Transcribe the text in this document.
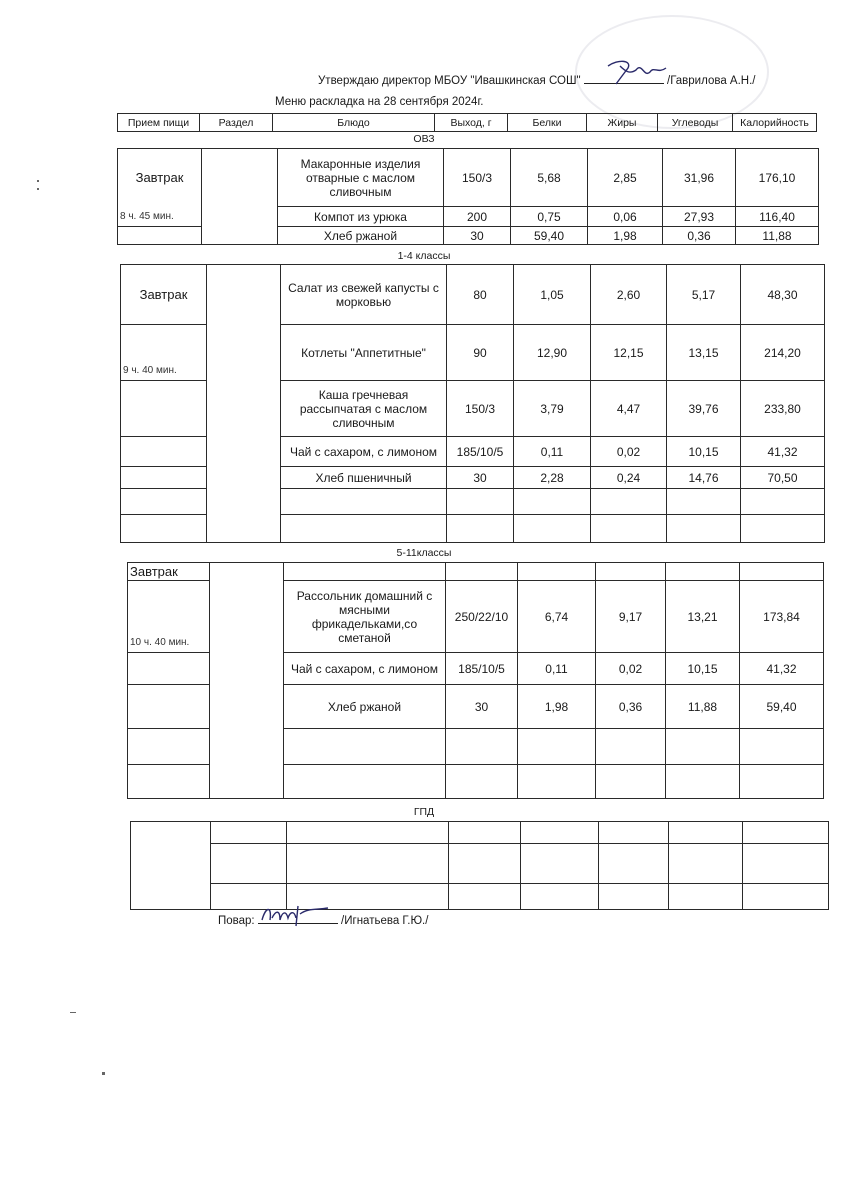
Утверждаю директор МБОУ "Ивашкинская СОШ"	/Гаврилова А.Н./
Меню раскладка на 28 сентября 2024г.
Прием пищи	Раздел	Блюдо	Выход, г	Белки	Жиры	Углеводы	Калорийность
ОВЗ
Завтрак		Макаронные изделия отварные с маслом сливочным	150/3	5,68	2,85	31,96	176,10
8 ч. 45 мин.		Компот из урюка	200	0,75	0,06	27,93	116,40
		Хлеб ржаной	30	59,40	1,98	0,36	11,88
1-4 классы
Завтрак		Салат из свежей капусты с морковью	80	1,05	2,60	5,17	48,30
9 ч. 40 мин.		Котлеты "Аппетитные"	90	12,90	12,15	13,15	214,20
		Каша гречневая рассыпчатая с маслом сливочным	150/3	3,79	4,47	39,76	233,80
		Чай с сахаром, с лимоном	185/10/5	0,11	0,02	10,15	41,32
		Хлеб пшеничный	30	2,28	0,24	14,76	70,50

5-11классы
Завтрак							
10 ч. 40 мин.		Рассольник домашний с мясными фрикадельками,со сметаной	250/22/10	6,74	9,17	13,21	173,84
		Чай с сахаром, с лимоном	185/10/5	0,11	0,02	10,15	41,32
		Хлеб ржаной	30	1,98	0,36	11,88	59,40

ГПД

Повар:	/Игнатьева Г.Ю./
